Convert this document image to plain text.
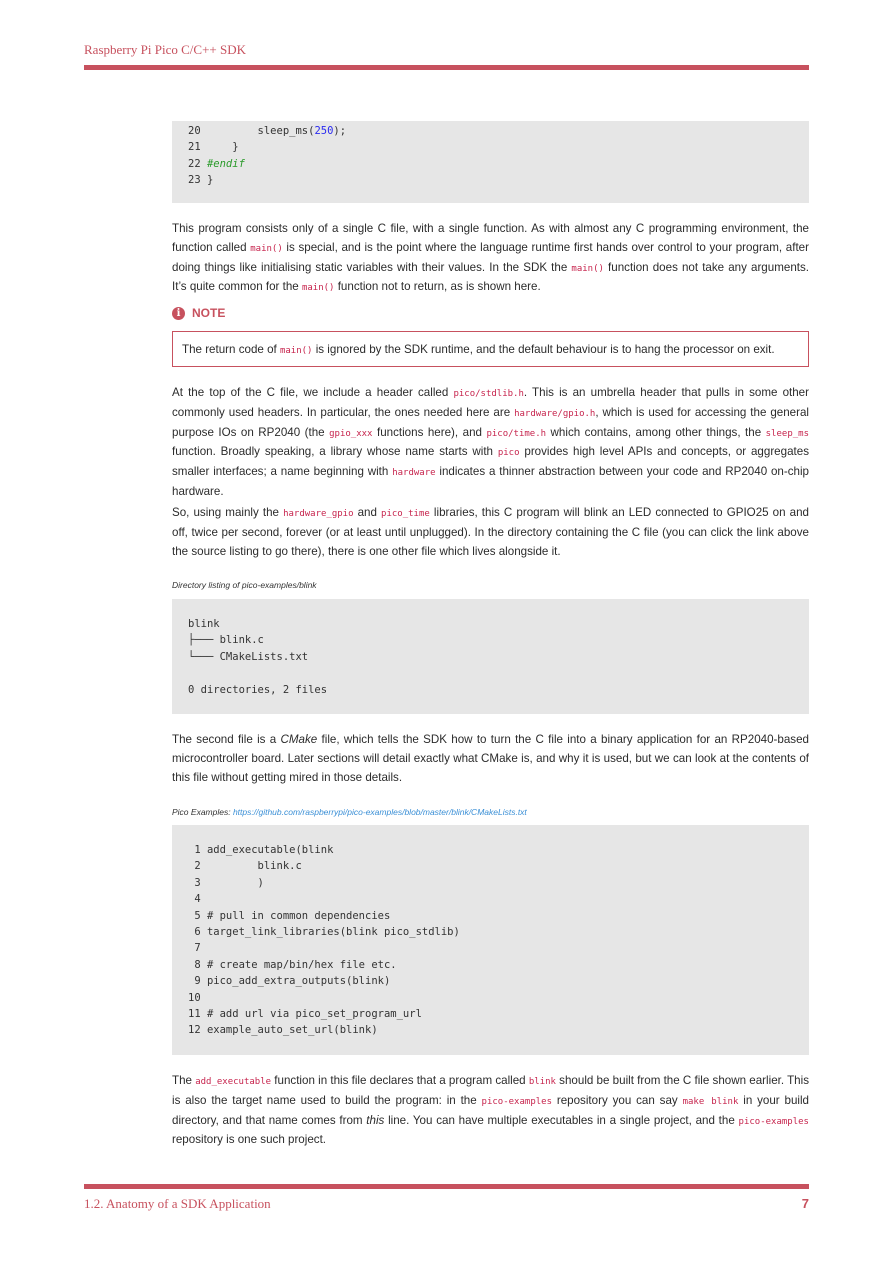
Raspberry Pi Pico C/C++ SDK
20         sleep_ms(250);
21     }
22 #endif
23 }
This program consists only of a single C file, with a single function. As with almost any C programming environment, the function called main() is special, and is the point where the language runtime first hands over control to your program, after doing things like initialising static variables with their values. In the SDK the main() function does not take any arguments. It’s quite common for the main() function not to return, as is shown here.
i NOTE
The return code of main() is ignored by the SDK runtime, and the default behaviour is to hang the processor on exit.
At the top of the C file, we include a header called pico/stdlib.h. This is an umbrella header that pulls in some other commonly used headers. In particular, the ones needed here are hardware/gpio.h, which is used for accessing the general purpose IOs on RP2040 (the gpio_xxx functions here), and pico/time.h which contains, among other things, the sleep_ms function. Broadly speaking, a library whose name starts with pico provides high level APIs and concepts, or aggregates smaller interfaces; a name beginning with hardware indicates a thinner abstraction between your code and RP2040 on-chip hardware.
So, using mainly the hardware_gpio and pico_time libraries, this C program will blink an LED connected to GPIO25 on and off, twice per second, forever (or at least until unplugged). In the directory containing the C file (you can click the link above the source listing to go there), there is one other file which lives alongside it.
Directory listing of pico-examples/blink
blink
├─── blink.c
└─── CMakeLists.txt
0 directories, 2 files
The second file is a CMake file, which tells the SDK how to turn the C file into a binary application for an RP2040-based microcontroller board. Later sections will detail exactly what CMake is, and why it is used, but we can look at the contents of this file without getting mired in those details.
Pico Examples: https://github.com/raspberrypi/pico-examples/blob/master/blink/CMakeLists.txt
1 add_executable(blink
2         blink.c
3         )
4
5 # pull in common dependencies
6 target_link_libraries(blink pico_stdlib)
7
8 # create map/bin/hex file etc.
9 pico_add_extra_outputs(blink)
10
11 # add url via pico_set_program_url
12 example_auto_set_url(blink)
The add_executable function in this file declares that a program called blink should be built from the C file shown earlier. This is also the target name used to build the program: in the pico-examples repository you can say make blink in your build directory, and that name comes from this line. You can have multiple executables in a single project, and the pico-examples repository is one such project.
1.2. Anatomy of a SDK Application	7
